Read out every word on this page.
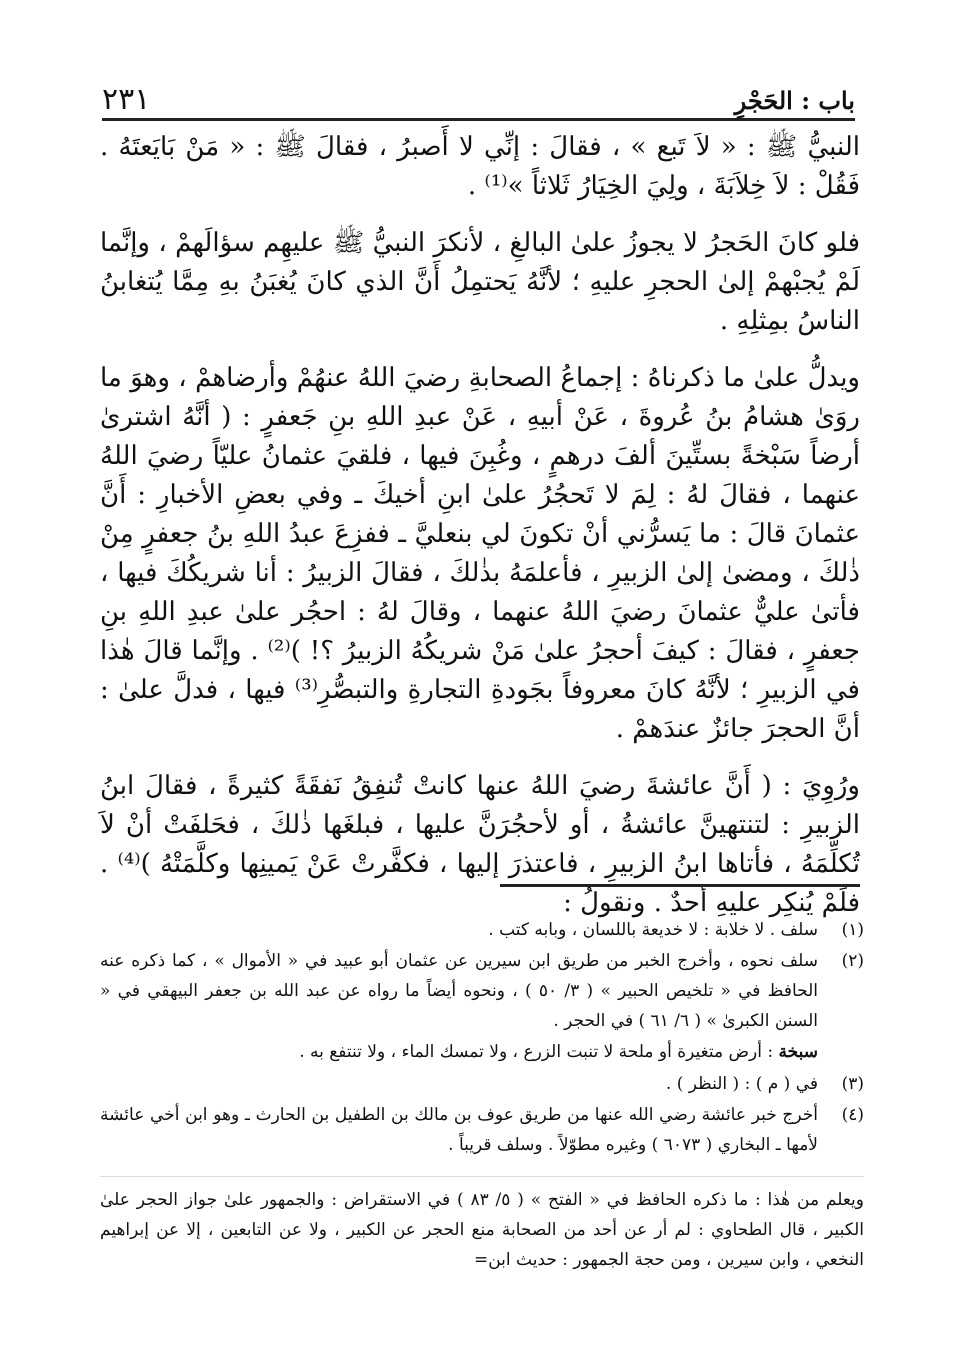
باب : الحَجْرِ
٢٣١

النبيُّ ﷺ : « لاَ تَبع » ، فقالَ : إنِّي لا أَصبرُ ، فقالَ ﷺ : « مَنْ بَايَعتَهُ . فَقُلْ : لاَ خِلاَبَةَ ، ولِيَ الخِيَارُ ثَلاثاً »⁽¹⁾ .

فلو كانَ الحَجرُ لا يجوزُ علىٰ البالغِ ، لأنكرَ النبيُّ ﷺ عليهِم سؤالَهمْ ، وإنَّما لَمْ يُجبْهمْ إلىٰ الحجرِ عليهِ ؛ لأنَّهُ يَحتمِلُ أَنَّ الذي كانَ يُغبَنُ بهِ مِمَّا يُتغابنُ الناسُ بمِثلِهِ .

ويدلُّ علىٰ ما ذكرناهُ : إجماعُ الصحابةِ رضيَ اللهُ عنهُمْ وأرضاهمْ ، وهوَ ما روَىٰ هشامُ بنُ عُروةَ ، عَنْ أبيهِ ، عَنْ عبدِ اللهِ بنِ جَعفرٍ : ( أنَّهُ اشترىٰ أرضاً سَبْخةً بستِّينَ ألفَ درهمٍ ، وغُبِنَ فيها ، فلقيَ عثمانُ عليّاً رضيَ اللهُ عنهما ، فقالَ لهُ : لِمَ لا تَحجُرُ علىٰ ابنِ أخيكَ ـ وفي بعضِ الأخبارِ : أَنَّ عثمانَ قالَ : ما يَسرُّني أنْ تكونَ لي بنعليَّ ـ ففزِعَ عبدُ اللهِ بنُ جعفرٍ مِنْ ذٰلكَ ، ومضىٰ إلىٰ الزبيرِ ، فأعلمَهُ بذٰلكَ ، فقالَ الزبيرُ : أنا شريكُكَ فيها ، فأتىٰ عليٌّ عثمانَ رضيَ اللهُ عنهما ، وقالَ لهُ : احجُر علىٰ عبدِ اللهِ بنِ جعفرٍ ، فقالَ : كيفَ أحجرُ علىٰ مَنْ شريكُهُ الزبيرُ ؟! )⁽²⁾ . وإنَّما قالَ هٰذا في الزبيرِ ؛ لأنَّهُ كانَ معروفاً بجَودةِ التجارةِ والتبصُّرِ⁽³⁾ فيها ، فدلَّ علىٰ : أنَّ الحجرَ جائزٌ عندَهمْ .

ورُوِيَ : ( أَنَّ عائشةَ رضيَ اللهُ عنها كانتْ تُنفِقُ نَفقَةً كثيرةً ، فقالَ ابنُ الزبيرِ : لتنتهينَّ عائشةُ ، أو لأحجُرَنَّ عليها ، فبلغَها ذٰلكَ ، فحَلفَتْ أنْ لاَ تُكلِّمَهُ ، فأتاها ابنُ الزبيرِ ، فاعتذرَ إليها ، فكفَّرتْ عَنْ يَمينِها وكلَّمَتْهُ )⁽⁴⁾ . فلَمْ يُنكِر عليهِ أحدٌ . ونقولُ :

(١)
سلف . لا خلابة : لا خديعة باللسان ، وبابه كتب .
(٢)
سلف نحوه ، وأخرج الخبر من طريق ابن سيرين عن عثمان أبو عبيد في « الأموال » ، كما ذكره عنه الحافظ في « تلخيص الحبير » ( ٣/ ٥٠ ) ، ونحوه أيضاً ما رواه عن عبد الله بن جعفر البيهقي في « السنن الكبرىٰ » ( ٦/ ٦١ ) في الحجر .
سبخة : أرض متغيرة أو ملحة لا تنبت الزرع ، ولا تمسك الماء ، ولا تنتفع به .
(٣)
في ( م ) : ( النظر ) .
(٤)
أخرج خبر عائشة رضي الله عنها من طريق عوف بن مالك بن الطفيل بن الحارث ـ وهو ابن أخي عائشة لأمها ـ البخاري ( ٦٠٧٣ ) وغيره مطوّلاً . وسلف قريباً .
ويعلم من هٰذا : ما ذكره الحافظ في « الفتح » ( ٥/ ٨٣ ) في الاستقراض : والجمهور علىٰ جواز الحجر علىٰ الكبير ، قال الطحاوي : لم أر عن أحد من الصحابة منع الحجر عن الكبير ، ولا عن التابعين ، إلا عن إبراهيم النخعي ، وابن سيرين ، ومن حجة الجمهور : حديث ابن=
